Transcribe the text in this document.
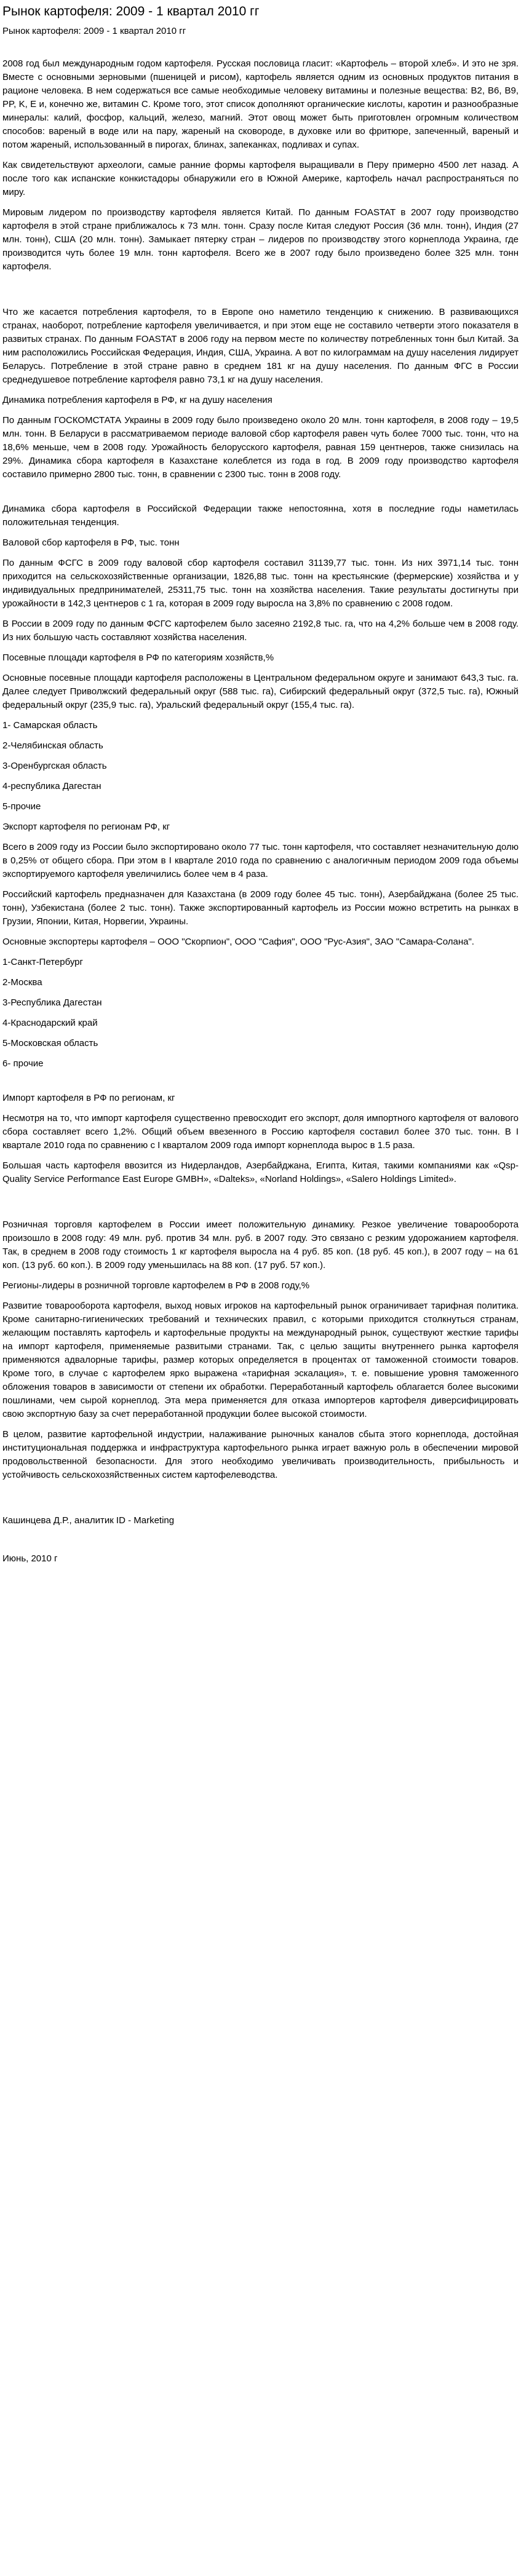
Рынок картофеля: 2009 - 1 квартал 2010 гг
Рынок картофеля: 2009 - 1 квартал 2010 гг

2008 год был международным годом картофеля. Русская пословица гласит: «Картофель – второй хлеб». И это не зря. Вместе с основными зерновыми (пшеницей и рисом), картофель является одним из основных продуктов питания в рационе человека. В нем содержаться все самые необходимые человеку витамины и полезные вещества: B2, B6, B9, PP, K, E и, конечно же, витамин C. Кроме того, этот список дополняют органические кислоты, каротин и разнообразные минералы: калий, фосфор, кальций, железо, магний. Этот овощ может быть приготовлен огромным количеством способов: вареный в воде или на пару, жареный на сковороде, в духовке или во фритюре, запеченный, вареный и потом жареный, использованный в пирогах, блинах, запеканках, подливах и супах.

Как свидетельствуют археологи, самые ранние формы картофеля выращивали в Перу примерно 4500 лет назад. А после того как испанские конкистадоры обнаружили его в Южной Америке, картофель начал распространяться по миру.

Мировым лидером по производству картофеля является Китай. По данным FOASTAT в 2007 году производство картофеля в этой стране приближалось к 73 млн. тонн. Сразу после Китая следуют Россия (36 млн. тонн), Индия (27 млн. тонн), США (20 млн. тонн). Замыкает пятерку стран – лидеров по производству этого корнеплода Украина, где производится чуть более 19 млн. тонн картофеля. Всего же в 2007 году было произведено более 325 млн. тонн картофеля.

Что же касается потребления картофеля, то в Европе оно наметило тенденцию к снижению. В развивающихся странах, наоборот, потребление картофеля увеличивается, и при этом еще не составило четверти этого показателя в развитых странах. По данным FOASTAT в 2006 году на первом месте по количеству потребленных тонн был Китай. За ним расположились Российская Федерация, Индия, США, Украина. А вот по килограммам на душу населения лидирует Беларусь. Потребление в этой стране равно в среднем 181 кг на душу населения. По данным ФГС в России среднедушевое потребление картофеля равно 73,1 кг на душу населения.

Динамика потребления картофеля в РФ, кг на душу населения

По данным ГОСКОМСТАТА Украины в 2009 году было произведено около 20 млн. тонн картофеля, в 2008 году – 19,5 млн. тонн. В Беларуси в рассматриваемом периоде валовой сбор картофеля равен чуть более 7000 тыс. тонн, что на 18,6% меньше, чем в 2008 году. Урожайность белорусского картофеля, равная 159 центнеров, также снизилась на 29%. Динамика сбора картофеля в Казахстане колеблется из года в год. В 2009 году производство картофеля составило примерно 2800 тыс. тонн, в сравнении с 2300 тыс. тонн в 2008 году.

Динамика сбора картофеля в Российской Федерации также непостоянна, хотя в последние годы наметилась положительная тенденция.

Валовой сбор картофеля в РФ, тыс. тонн

По данным ФСГС в 2009 году валовой сбор картофеля составил 31139,77 тыс. тонн. Из них 3971,14 тыс. тонн приходится на сельскохозяйственные организации, 1826,88 тыс. тонн на крестьянские (фермерские) хозяйства и у индивидуальных предпринимателей, 25311,75 тыс. тонн на хозяйства населения. Такие результаты достигнуты при урожайности в 142,3 центнеров с 1 га, которая в 2009 году выросла на 3,8% по сравнению с 2008 годом.

В России в 2009 году по данным ФСГС картофелем было засеяно 2192,8 тыс. га, что на 4,2% больше чем в 2008 году. Из них большую часть составляют хозяйства населения.

Посевные площади картофеля в РФ по категориям хозяйств,%

Основные посевные площади картофеля расположены в Центральном федеральном округе и занимают 643,3 тыс. га. Далее следует Приволжский федеральный округ (588 тыс. га), Сибирский федеральный округ (372,5 тыс. га), Южный федеральный округ (235,9 тыс. га), Уральский федеральный округ (155,4 тыс. га).

1- Самарская область

2-Челябинская область

3-Оренбургская область

4-республика Дагестан

5-прочие

Экспорт картофеля по регионам РФ, кг

Всего в 2009 году из России было экспортировано около 77 тыс. тонн картофеля, что составляет незначительную долю в 0,25% от общего сбора. При этом в I квартале 2010 года по сравнению с аналогичным периодом 2009 года объемы экспортируемого картофеля увеличились более чем в 4 раза.

Российский картофель предназначен для Казахстана (в 2009 году более 45 тыс. тонн), Азербайджана (более 25 тыс. тонн), Узбекистана (более 2 тыс. тонн). Также экспортированный картофель из России можно встретить на рынках в Грузии, Японии, Китая, Норвегии, Украины.

Основные экспортеры картофеля – ООО "Скорпион", ООО "Сафия", ООО "Рус-Азия", ЗАО "Самара-Солана".

1-Санкт-Петербург

2-Москва

3-Республика Дагестан

4-Краснодарский край

5-Московская область

6- прочие

Импорт картофеля в РФ по регионам, кг

Несмотря на то, что импорт картофеля существенно превосходит его экспорт, доля импортного картофеля от валового сбора составляет всего 1,2%. Общий объем ввезенного в Россию картофеля составил более 370 тыс. тонн. В I квартале 2010 года по сравнению с I кварталом 2009 года импорт корнеплода вырос в 1.5 раза.

Большая часть картофеля ввозится из Нидерландов, Азербайджана, Египта, Китая, такими компаниями как «Qsp-Quality Service Performance East Europe GMBH», «Dalteks», «Norland Holdings», «Salero Holdings Limited».

Розничная торговля картофелем в России имеет положительную динамику. Резкое увеличение товарооборота произошло в 2008 году: 49 млн. руб. против 34 млн. руб. в 2007 году. Это связано с резким удорожанием картофеля. Так, в среднем в 2008 году стоимость 1 кг картофеля выросла на 4 руб. 85 коп. (18 руб. 45 коп.), в 2007 году – на 61 коп. (13 руб. 60 коп.). В 2009 году уменьшилась на 88 коп. (17 руб. 57 коп.).

Регионы-лидеры в розничной торговле картофелем в РФ в 2008 году,%

Развитие товарооборота картофеля, выход новых игроков на картофельный рынок ограничивает тарифная политика. Кроме санитарно-гигиенических требований и технических правил, с которыми приходится столкнуться странам, желающим поставлять картофель и картофельные продукты на международный рынок, существуют жесткие тарифы на импорт картофеля, применяемые развитыми странами. Так, с целью защиты внутреннего рынка картофеля применяются адвалорные тарифы, размер которых определяется в процентах от таможенной стоимости товаров. Кроме того, в случае с картофелем ярко выражена «тарифная эскалация», т. е. повышение уровня таможенного обложения товаров в зависимости от степени их обработки. Переработанный картофель облагается более высокими пошлинами, чем сырой корнеплод. Эта мера применяется для отказа импортеров картофеля диверсифицировать свою экспортную базу за счет переработанной продукции более высокой стоимости.

В целом, развитие картофельной индустрии, налаживание рыночных каналов сбыта этого корнеплода, достойная институциональная поддержка и инфраструктура картофельного рынка играет важную роль в обеспечении мировой продовольственной безопасности. Для этого необходимо увеличивать производительность, прибыльность и устойчивость сельскохозяйственных систем картофелеводства.

Кашинцева Д.Р., аналитик ID - Marketing

Июнь, 2010 г
